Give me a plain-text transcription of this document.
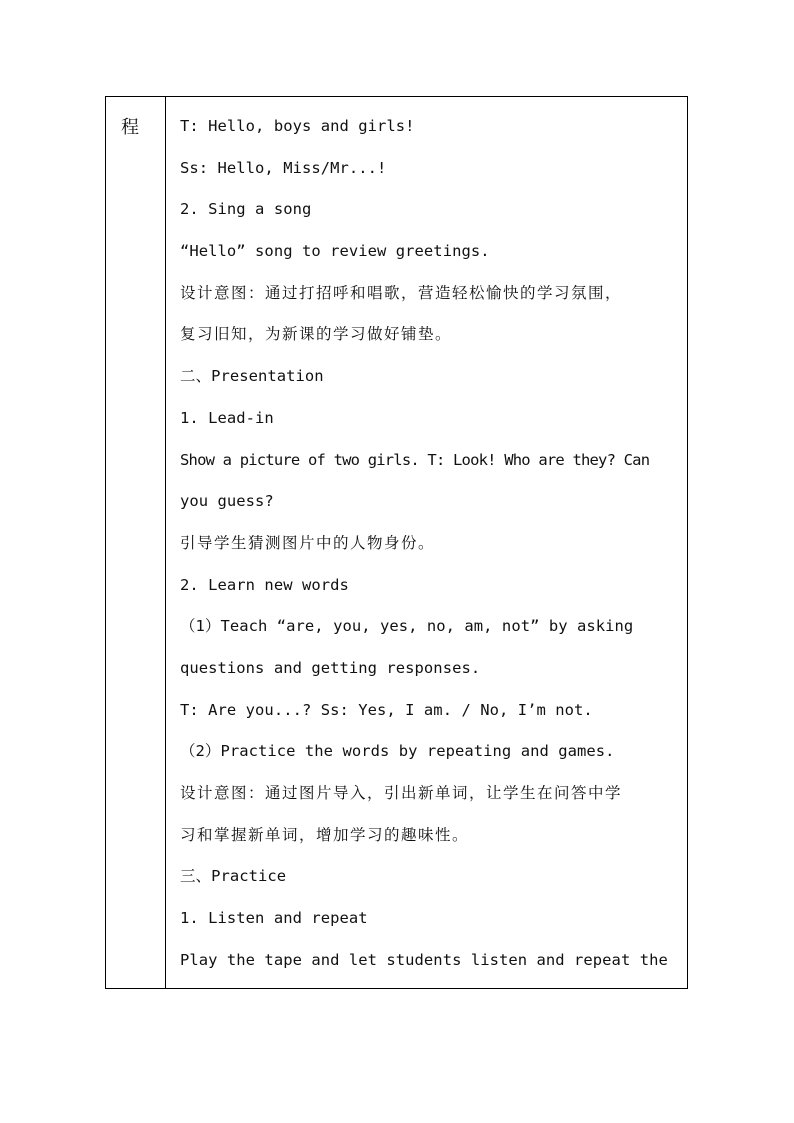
程	T: Hello, boys and girls!
Ss: Hello, Miss/Mr...!
2. Sing a song
“Hello” song to review greetings.
设计意图：通过打招呼和唱歌，营造轻松愉快的学习氛围，
复习旧知，为新课的学习做好铺垫。
二、Presentation
1. Lead-in
Show a picture of two girls. T: Look! Who are they? Can
you guess?
引导学生猜测图片中的人物身份。
2. Learn new words
（1）Teach “are, you, yes, no, am, not” by asking
questions and getting responses.
T: Are you...? Ss: Yes, I am. / No, I’m not.
（2）Practice the words by repeating and games.
设计意图：通过图片导入，引出新单词，让学生在问答中学
习和掌握新单词，增加学习的趣味性。
三、Practice
1. Listen and repeat
Play the tape and let students listen and repeat the
